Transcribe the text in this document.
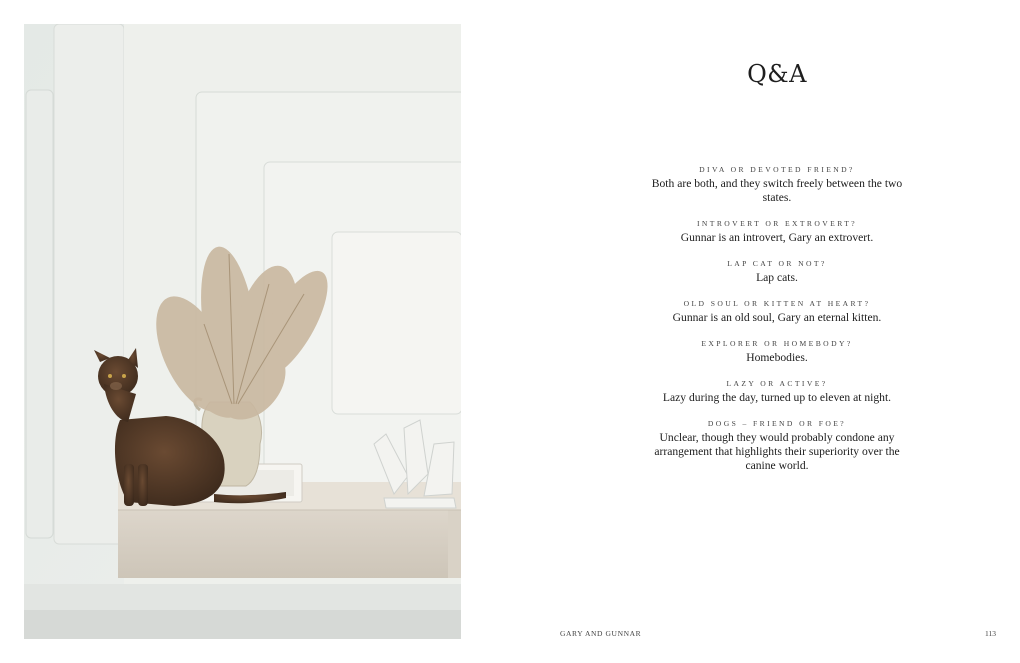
Q&A
DIVA OR DEVOTED FRIEND?
Both are both, and they switch freely between the two states.
INTROVERT OR EXTROVERT?
Gunnar is an introvert, Gary an extrovert.
LAP CAT OR NOT?
Lap cats.
OLD SOUL OR KITTEN AT HEART?
Gunnar is an old soul, Gary an eternal kitten.
EXPLORER OR HOMEBODY?
Homebodies.
LAZY OR ACTIVE?
Lazy during the day, turned up to eleven at night.
DOGS – FRIEND OR FOE?
Unclear, though they would probably condone any arrangement that highlights their superiority over the canine world.
GARY AND GUNNAR	113
